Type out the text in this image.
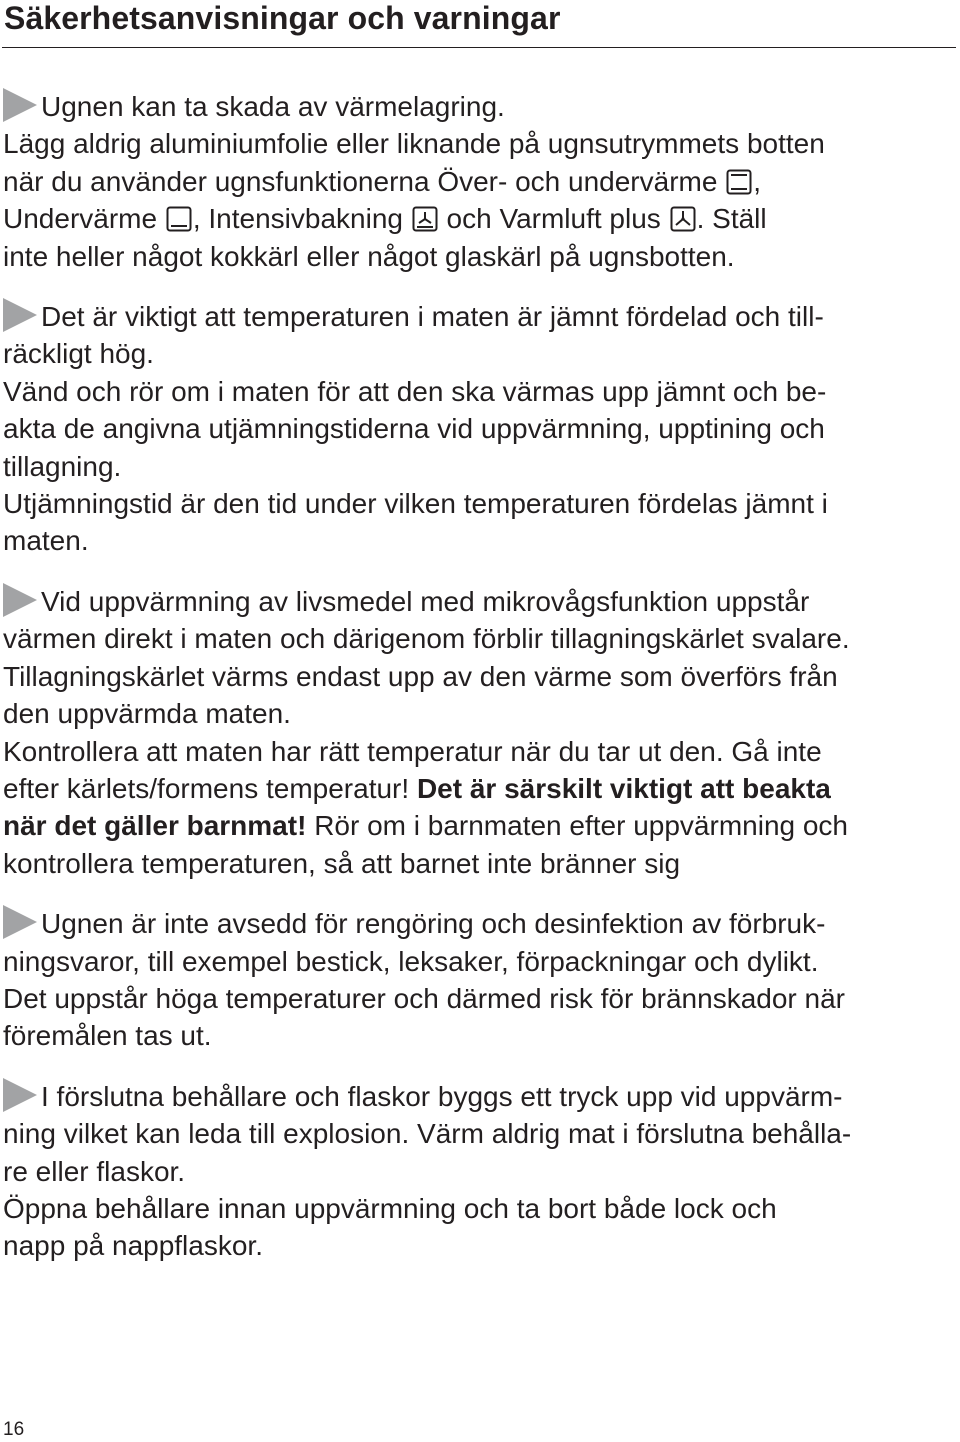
Säkerhetsanvisningar och varningar

Ugnen kan ta skada av värmelagring.

Lägg aldrig aluminiumfolie eller liknande på ugnsutrymmets botten

när du använder ugnsfunktionerna Över- och undervärme ,

Undervärme , Intensivbakning och Varmluft plus . Ställ

inte heller något kokkärl eller något glaskärl på ugnsbotten.

Det är viktigt att temperaturen i maten är jämnt fördelad och till-

räckligt hög.

Vänd och rör om i maten för att den ska värmas upp jämnt och be-

akta de angivna utjämningstiderna vid uppvärmning, upptining och

tillagning.

Utjämningstid är den tid under vilken temperaturen fördelas jämnt i

maten.

Vid uppvärmning av livsmedel med mikrovågsfunktion uppstår

värmen direkt i maten och därigenom förblir tillagningskärlet svalare.

Tillagningskärlet värms endast upp av den värme som överförs från

den uppvärmda maten.

Kontrollera att maten har rätt temperatur när du tar ut den. Gå inte

efter kärlets/formens temperatur! Det är särskilt viktigt att beakta

när det gäller barnmat! Rör om i barnmaten efter uppvärmning och

kontrollera temperaturen, så att barnet inte bränner sig

Ugnen är inte avsedd för rengöring och desinfektion av förbruk-

ningsvaror, till exempel bestick, leksaker, förpackningar och dylikt.

Det uppstår höga temperaturer och därmed risk för brännskador när

föremålen tas ut.

I förslutna behållare och flaskor byggs ett tryck upp vid uppvärm-

ning vilket kan leda till explosion. Värm aldrig mat i förslutna behålla-

re eller flaskor.

Öppna behållare innan uppvärmning och ta bort både lock och

napp på nappflaskor.

16
